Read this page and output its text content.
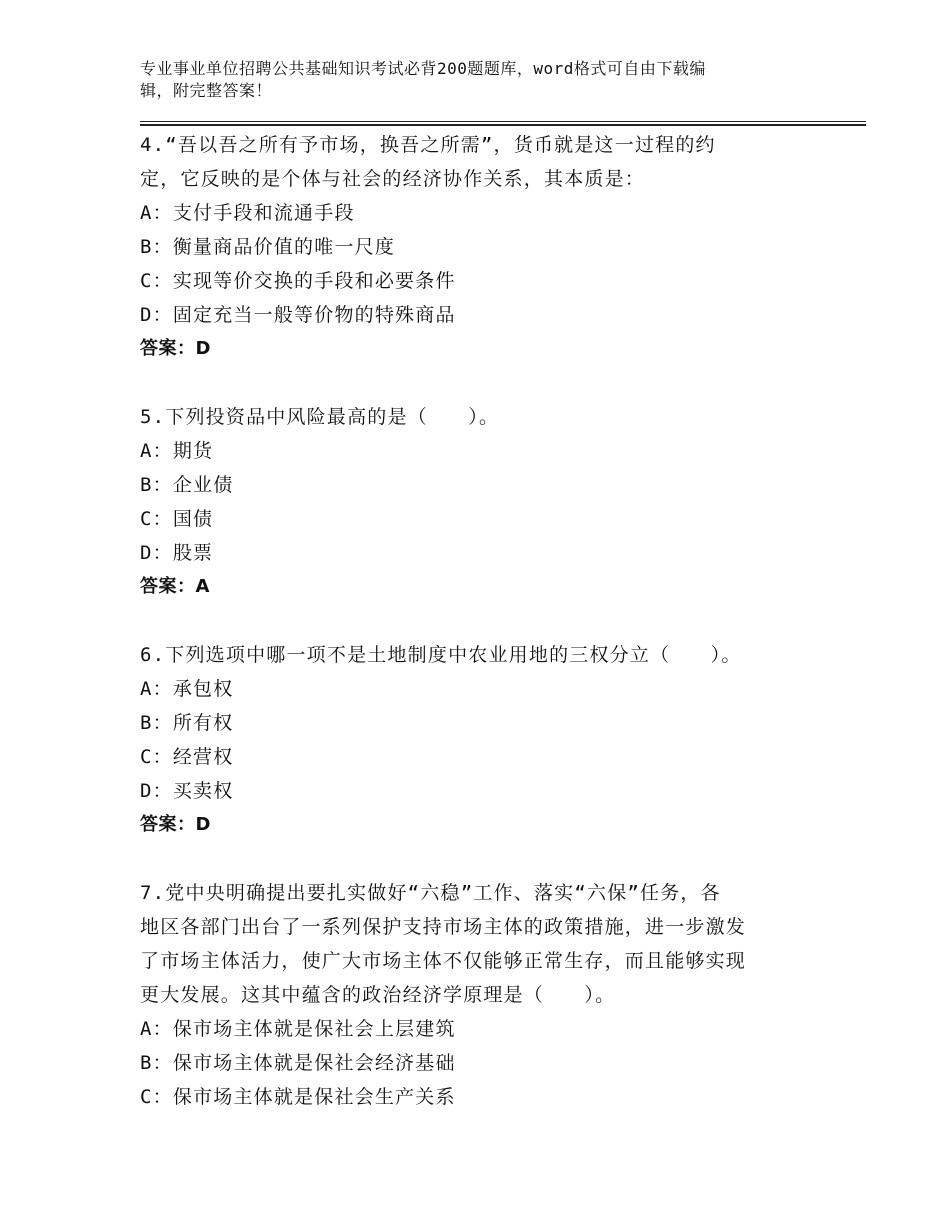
专业事业单位招聘公共基础知识考试必背200题题库，word格式可自由下载编
辑，附完整答案！
4.“吾以吾之所有予市场，换吾之所需”，货币就是这一过程的约
定，它反映的是个体与社会的经济协作关系，其本质是：
A：支付手段和流通手段
B：衡量商品价值的唯一尺度
C：实现等价交换的手段和必要条件
D：固定充当一般等价物的特殊商品
答案：D
5.下列投资品中风险最高的是（　　）。
A：期货
B：企业债
C：国债
D：股票
答案：A
6.下列选项中哪一项不是土地制度中农业用地的三权分立（　　）。
A：承包权
B：所有权
C：经营权
D：买卖权
答案：D
7.党中央明确提出要扎实做好“六稳”工作、落实“六保”任务，各
地区各部门出台了一系列保护支持市场主体的政策措施，进一步激发
了市场主体活力，使广大市场主体不仅能够正常生存，而且能够实现
更大发展。这其中蕴含的政治经济学原理是（　　）。
A：保市场主体就是保社会上层建筑
B：保市场主体就是保社会经济基础
C：保市场主体就是保社会生产关系
